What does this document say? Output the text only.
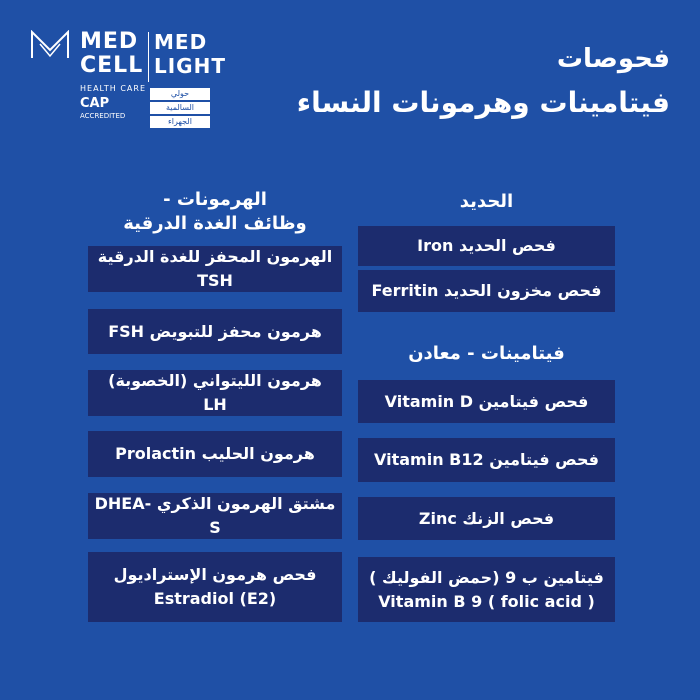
MED
CELL
MED
LIGHT
HEALTH CARE
CAP
ACCREDITED
حولي
السالمية
الجهراء
فحوصات
فيتامينات وهرمونات النساء
الحديد
فحص الحديد Iron
فحص مخزون الحديد Ferritin
فيتامينات - معادن
فحص فيتامين Vitamin D
فحص فيتامين Vitamin B12
فحص الزنك Zinc
فيتامين ب 9 (حمض الفوليك )
Vitamin B 9 ( folic acid )
الهرمونات -
وظائف الغدة الدرقية
الهرمون المحفز للغدة الدرقية TSH
هرمون محفز للتبويض FSH
هرمون الليتواني (الخصوبة) LH
هرمون الحليب Prolactin
مشتق الهرمون الذكري DHEA-S
فحص هرمون الإستراديول
Estradiol (E2)
